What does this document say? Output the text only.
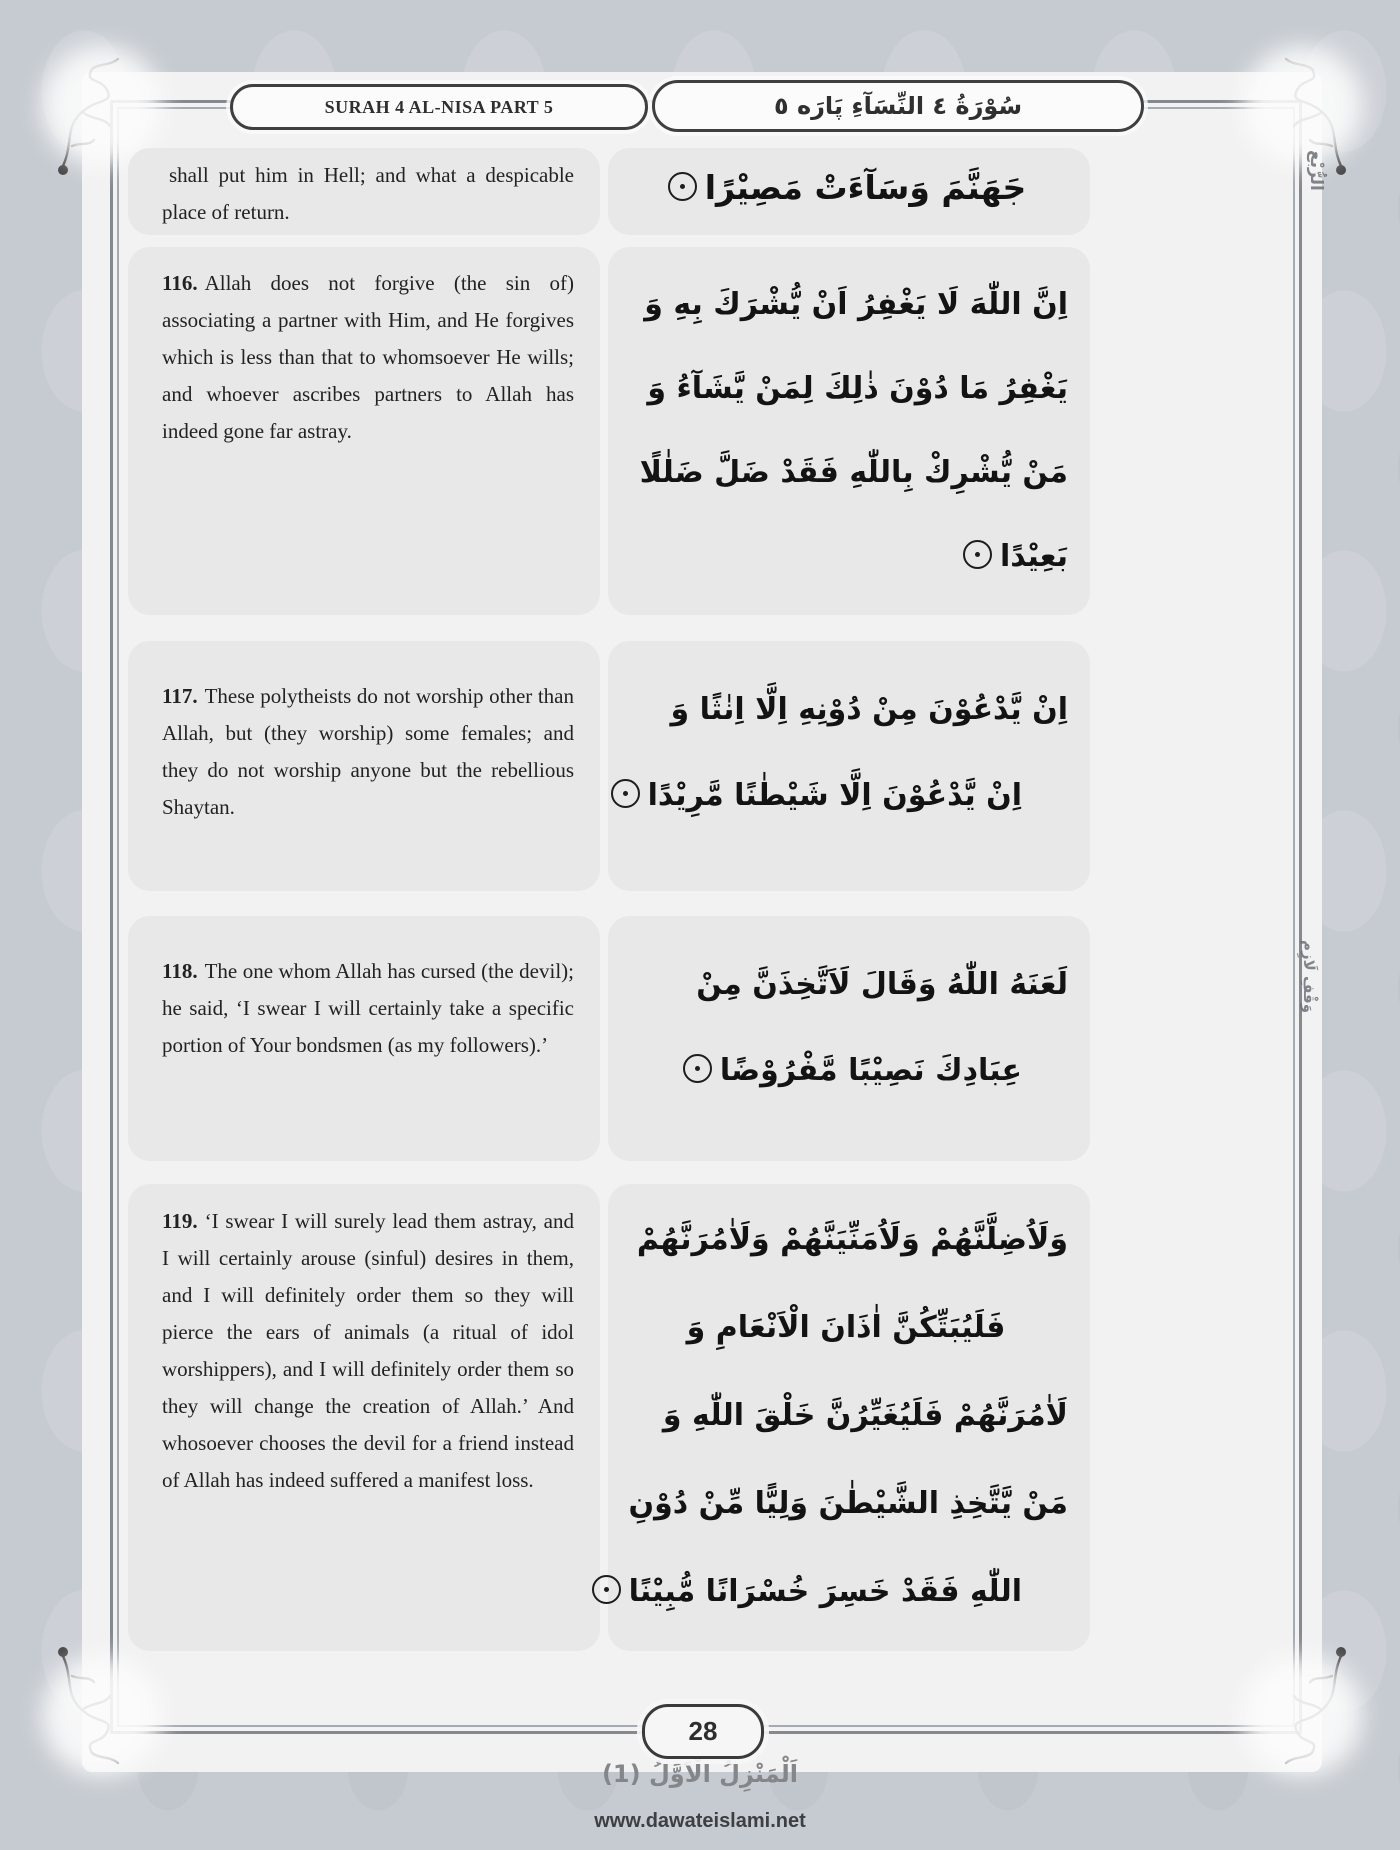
SURAH 4 AL-NISA PART 5	سُوْرَةُ ٤ النِّسَآءِ پَارَه ٥
الرُّبْع
وَقْفِ لَازِم

shall put him in Hell; and what a despicable place of return.

جَهَنَّمَ وَسَآءَتْ مَصِيْرًا

116. Allah does not forgive (the sin of) associating a partner with Him, and He forgives which is less than that to whomsoever He wills; and whoever ascribes partners to Allah has indeed gone far astray.

اِنَّ اللّٰهَ لَا يَغْفِرُ اَنْ يُّشْرَكَ بِهِ وَ
يَغْفِرُ مَا دُوْنَ ذٰلِكَ لِمَنْ يَّشَآءُ وَ
مَنْ يُّشْرِكْ بِاللّٰهِ فَقَدْ ضَلَّ ضَلٰلًا
بَعِيْدًا

117. These polytheists do not worship other than Allah, but (they worship) some females; and they do not worship anyone but the rebellious Shaytan.

اِنْ يَّدْعُوْنَ مِنْ دُوْنِهِ اِلَّا اِنٰثًا وَ
اِنْ يَّدْعُوْنَ اِلَّا شَيْطٰنًا مَّرِيْدًا

118. The one whom Allah has cursed (the devil); he said, ‘I swear I will certainly take a specific portion of Your bondsmen (as my followers).’

لَعَنَهُ اللّٰهُ وَقَالَ لَاَتَّخِذَنَّ مِنْ
عِبَادِكَ نَصِيْبًا مَّفْرُوْضًا

119. ‘I swear I will surely lead them astray, and I will certainly arouse (sinful) desires in them, and I will definitely order them so they will pierce the ears of animals (a ritual of idol worshippers), and I will definitely order them so they will change the creation of Allah.’ And whosoever chooses the devil for a friend instead of Allah has indeed suffered a manifest loss.

وَلَاُضِلَّنَّهُمْ وَلَاُمَنِّيَنَّهُمْ وَلَاٰمُرَنَّهُمْ
فَلَيُبَتِّكُنَّ اٰذَانَ الْاَنْعَامِ وَ
لَاٰمُرَنَّهُمْ فَلَيُغَيِّرُنَّ خَلْقَ اللّٰهِ وَ
مَنْ يَّتَّخِذِ الشَّيْطٰنَ وَلِيًّا مِّنْ دُوْنِ
اللّٰهِ فَقَدْ خَسِرَ خُسْرَانًا مُّبِيْنًا
28
اَلْمَنْزِلُ الْاَوَّلُ (1)
www.dawateislami.net
